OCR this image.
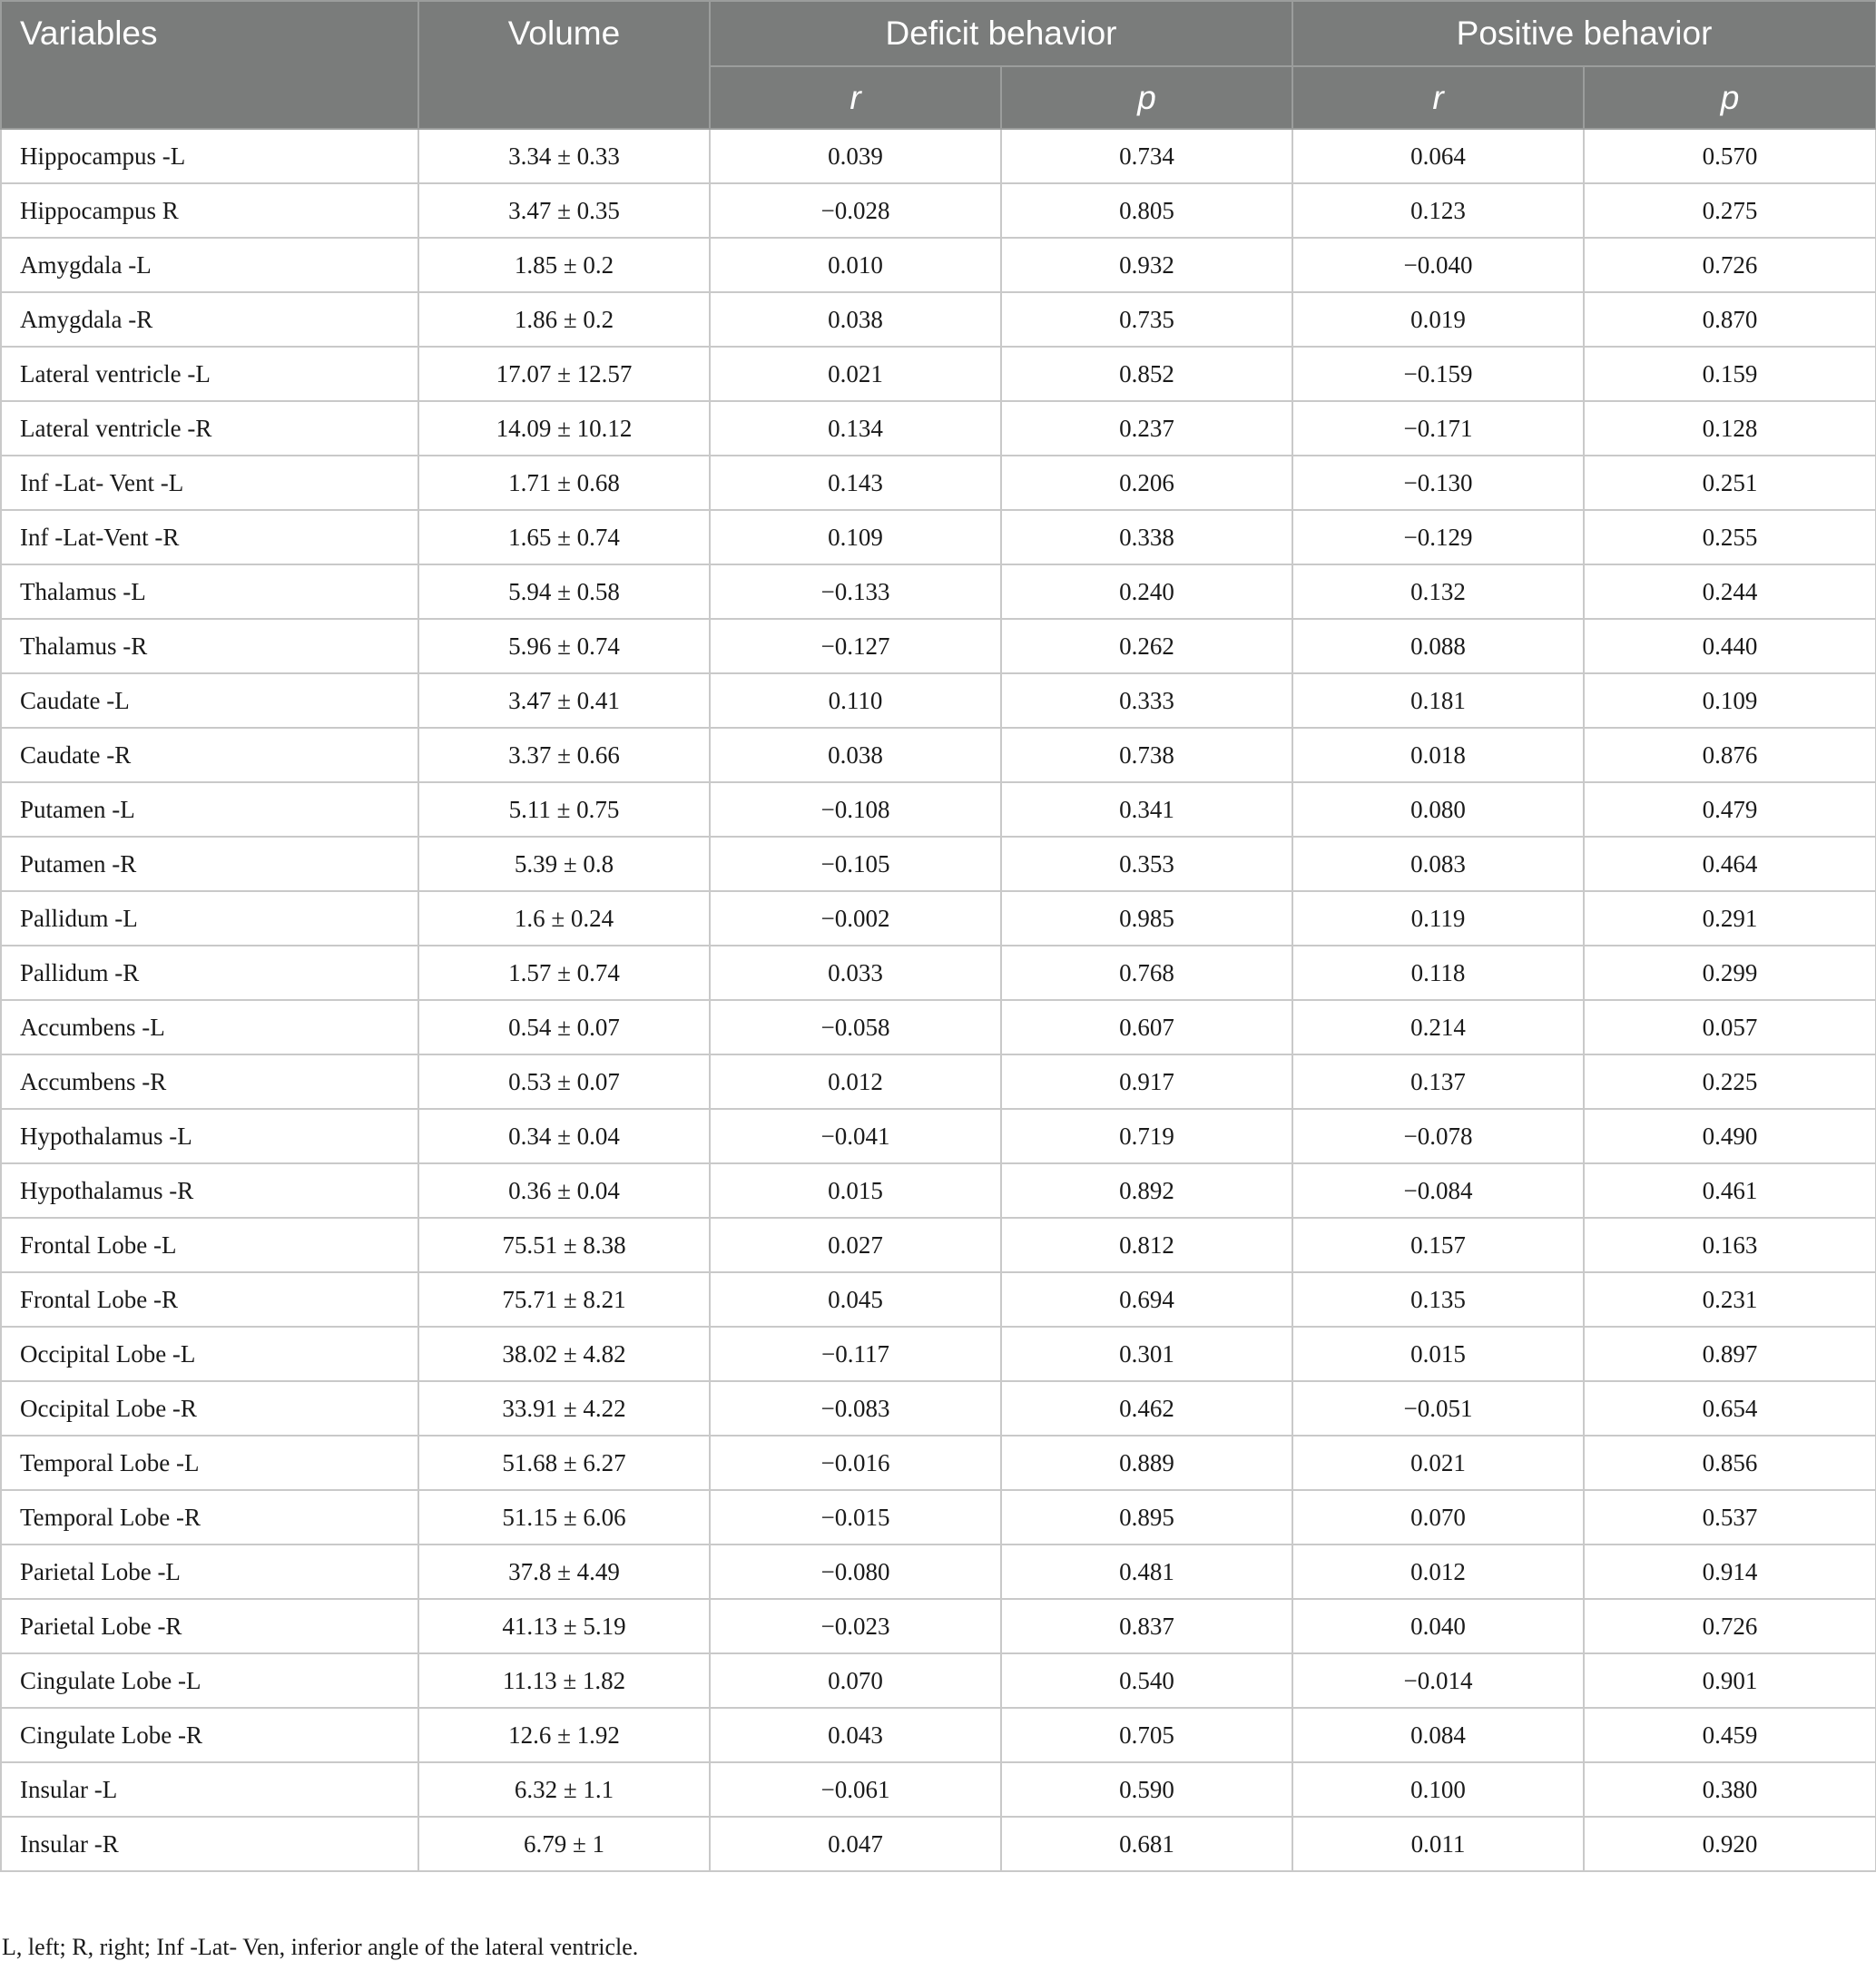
Variables	Volume	Deficit behavior		Positive behavior	
		r	p	r	p
Hippocampus -L	3.34 ± 0.33	0.039	0.734	0.064	0.570
Hippocampus R	3.47 ± 0.35	−0.028	0.805	0.123	0.275
Amygdala -L	1.85 ± 0.2	0.010	0.932	−0.040	0.726
Amygdala -R	1.86 ± 0.2	0.038	0.735	0.019	0.870
Lateral ventricle -L	17.07 ± 12.57	0.021	0.852	−0.159	0.159
Lateral ventricle -R	14.09 ± 10.12	0.134	0.237	−0.171	0.128
Inf -Lat- Vent -L	1.71 ± 0.68	0.143	0.206	−0.130	0.251
Inf -Lat-Vent -R	1.65 ± 0.74	0.109	0.338	−0.129	0.255
Thalamus -L	5.94 ± 0.58	−0.133	0.240	0.132	0.244
Thalamus -R	5.96 ± 0.74	−0.127	0.262	0.088	0.440
Caudate -L	3.47 ± 0.41	0.110	0.333	0.181	0.109
Caudate -R	3.37 ± 0.66	0.038	0.738	0.018	0.876
Putamen -L	5.11 ± 0.75	−0.108	0.341	0.080	0.479
Putamen -R	5.39 ± 0.8	−0.105	0.353	0.083	0.464
Pallidum -L	1.6 ± 0.24	−0.002	0.985	0.119	0.291
Pallidum -R	1.57 ± 0.74	0.033	0.768	0.118	0.299
Accumbens -L	0.54 ± 0.07	−0.058	0.607	0.214	0.057
Accumbens -R	0.53 ± 0.07	0.012	0.917	0.137	0.225
Hypothalamus -L	0.34 ± 0.04	−0.041	0.719	−0.078	0.490
Hypothalamus -R	0.36 ± 0.04	0.015	0.892	−0.084	0.461
Frontal Lobe -L	75.51 ± 8.38	0.027	0.812	0.157	0.163
Frontal Lobe -R	75.71 ± 8.21	0.045	0.694	0.135	0.231
Occipital Lobe -L	38.02 ± 4.82	−0.117	0.301	0.015	0.897
Occipital Lobe -R	33.91 ± 4.22	−0.083	0.462	−0.051	0.654
Temporal Lobe -L	51.68 ± 6.27	−0.016	0.889	0.021	0.856
Temporal Lobe -R	51.15 ± 6.06	−0.015	0.895	0.070	0.537
Parietal Lobe -L	37.8 ± 4.49	−0.080	0.481	0.012	0.914
Parietal Lobe -R	41.13 ± 5.19	−0.023	0.837	0.040	0.726
Cingulate Lobe -L	11.13 ± 1.82	0.070	0.540	−0.014	0.901
Cingulate Lobe -R	12.6 ± 1.92	0.043	0.705	0.084	0.459
Insular -L	6.32 ± 1.1	−0.061	0.590	0.100	0.380
Insular -R	6.79 ± 1	0.047	0.681	0.011	0.920
L, left; R, right; Inf -Lat- Ven, inferior angle of the lateral ventricle.
